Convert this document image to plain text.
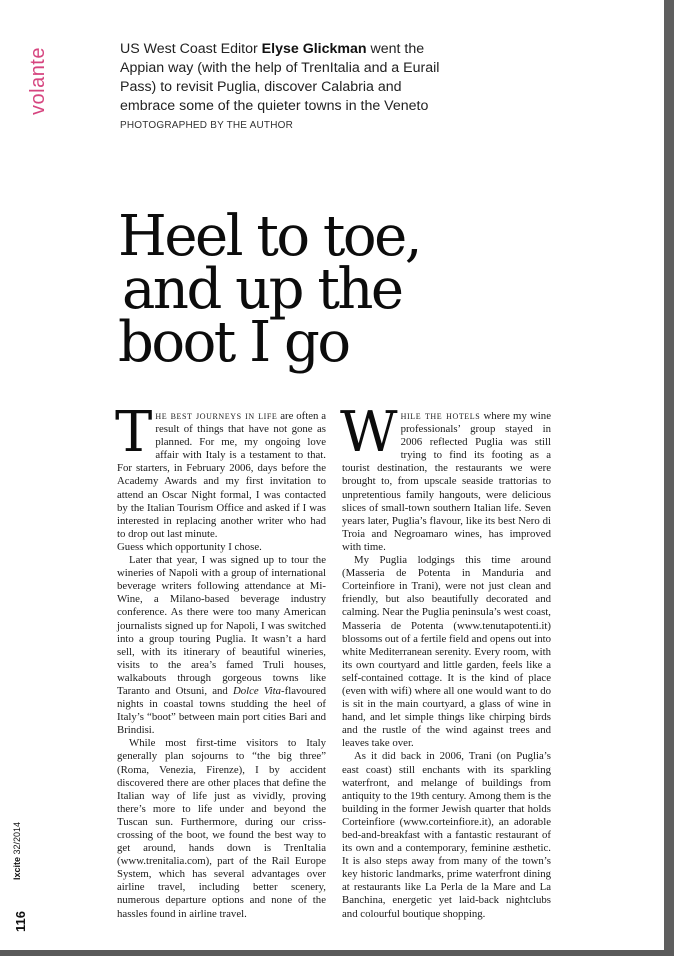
volante	US West Coast Editor Elyse Glickman went the Appian way (with the help of TrenItalia and a Eurail Pass) to revisit Puglia, discover Calabria and embrace some of the quieter towns in the Veneto
PHOTOGRAPHED BY THE AUTHOR
Heel to toe,
and up the
boot I go

The best journeys in life are often a result of things that have not gone as planned. For me, my ongoing love affair with Italy is a testament to that. For starters, in February 2006, days before the Academy Awards and my first invitation to attend an Oscar Night formal, I was contacted by the Italian Tourism Office and asked if I was interested in replacing another writer who had to drop out last minute.

Guess which opportunity I chose.

Later that year, I was signed up to tour the wineries of Napoli with a group of international beverage writers following attendance at Mi-Wine, a Milano-based beverage industry conference. As there were too many American journalists signed up for Napoli, I was switched into a group touring Puglia. It wasn’t a hard sell, with its itinerary of beautiful wineries, visits to the area’s famed Truli houses, walkabouts through gorgeous towns like Taranto and Otsuni, and Dolce Vita-flavoured nights in coastal towns studding the heel of Italy’s “boot” between main port cities Bari and Brindisi.

While most first-time visitors to Italy generally plan sojourns to “the big three” (Roma, Venezia, Firenze), I by accident discovered there are other places that define the Italian way of life just as vividly, proving there’s more to life under and beyond the Tuscan sun. Furthermore, during our criss-crossing of the boot, we found the best way to get around, hands down is TrenItalia (www.trenitalia.com), part of the Rail Europe System, which has several advantages over airline travel, including better scenery, numerous departure options and none of the hassles found in airline travel.

While the hotels where my wine professionals’ group stayed in 2006 reflected Puglia was still trying to find its footing as a tourist destination, the restaurants we were brought to, from upscale seaside trattorias to unpretentious family hangouts, were delicious slices of small-town southern Italian life. Seven years later, Puglia’s flavour, like its best Nero di Troia and Negroamaro wines, has improved with time.

My Puglia lodgings this time around (Masseria de Potenta in Manduria and Corteinfiore in Trani), were not just clean and friendly, but also beautifully decorated and calming. Near the Puglia peninsula’s west coast, Masseria de Potenta (www.tenutapotenti.it) blossoms out of a fertile field and opens out into white Mediterranean serenity. Every room, with its own courtyard and little garden, feels like a self-contained cottage. It is the kind of place (even with wifi) where all one would want to do is sit in the main courtyard, a glass of wine in hand, and let simple things like chirping birds and the rustle of the wind against trees and leaves take over.

As it did back in 2006, Trani (on Puglia’s east coast) still enchants with its sparkling waterfront, and melange of buildings from antiquity to the 19th century. Among them is the building in the former Jewish quarter that holds Corteinfiore (www.corteinfiore.it), an adorable bed-and-breakfast with a fantastic restaurant of its own and a contemporary, feminine æsthetic. It is also steps away from many of the town’s key historic landmarks, prime waterfront dining at restaurants like La Perla de la Mare and La Banchina, energetic yet laid-back nightclubs and colourful boutique shopping.

116
Ixcite 32/2014
